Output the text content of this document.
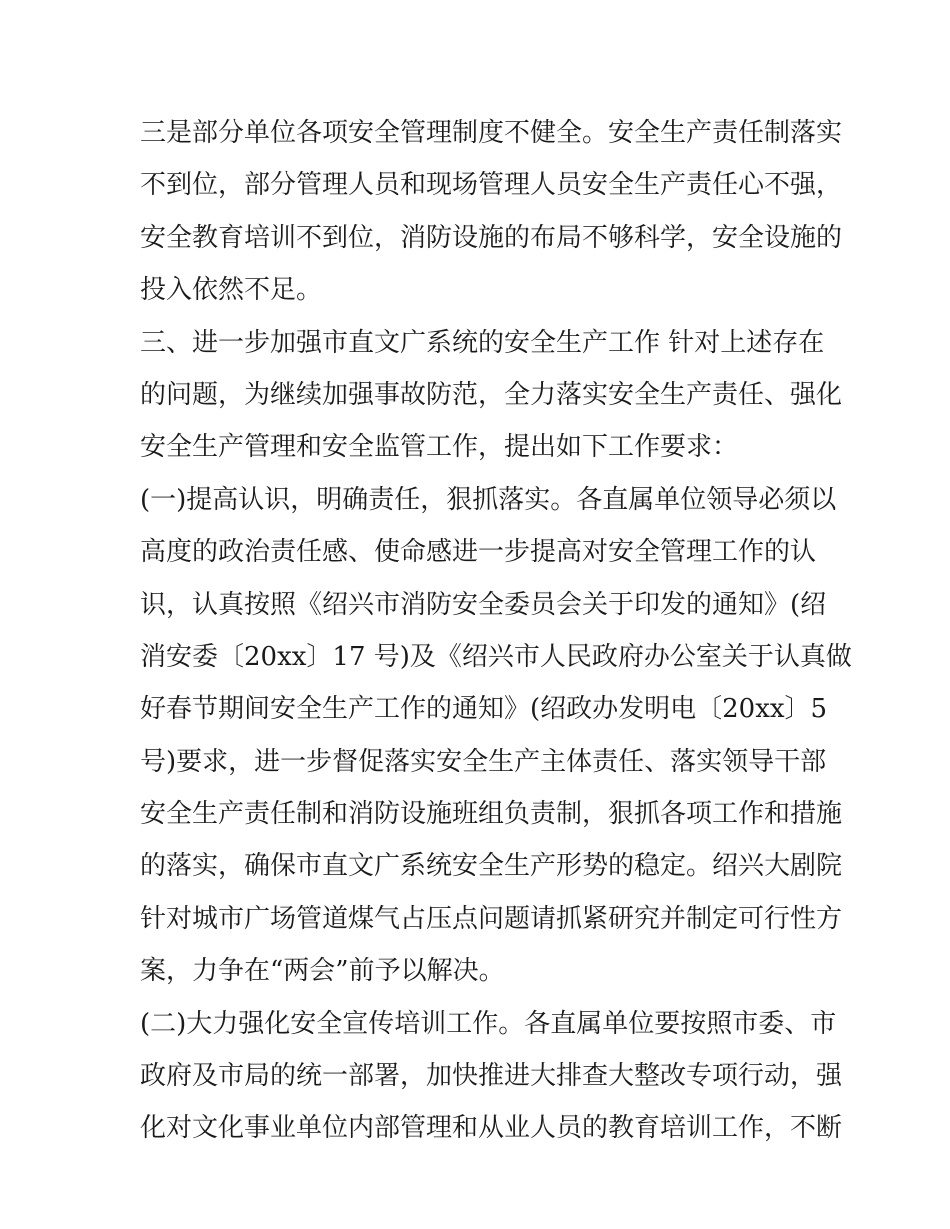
三是部分单位各项安全管理制度不健全。安全生产责任制落实
不到位，部分管理人员和现场管理人员安全生产责任心不强，
安全教育培训不到位，消防设施的布局不够科学，安全设施的
投入依然不足。
三、进一步加强市直文广系统的安全生产工作 针对上述存在
的问题，为继续加强事故防范，全力落实安全生产责任、强化
安全生产管理和安全监管工作，提出如下工作要求：
(一)提高认识，明确责任，狠抓落实。各直属单位领导必须以
高度的政治责任感、使命感进一步提高对安全管理工作的认
识，认真按照《绍兴市消防安全委员会关于印发的通知》(绍
消安委〔20xx〕17 号)及《绍兴市人民政府办公室关于认真做
好春节期间安全生产工作的通知》(绍政办发明电〔20xx〕5
号)要求，进一步督促落实安全生产主体责任、落实领导干部
安全生产责任制和消防设施班组负责制，狠抓各项工作和措施
的落实，确保市直文广系统安全生产形势的稳定。绍兴大剧院
针对城市广场管道煤气占压点问题请抓紧研究并制定可行性方
案，力争在“两会”前予以解决。
(二)大力强化安全宣传培训工作。各直属单位要按照市委、市
政府及市局的统一部署，加快推进大排查大整改专项行动，强
化对文化事业单位内部管理和从业人员的教育培训工作，不断
